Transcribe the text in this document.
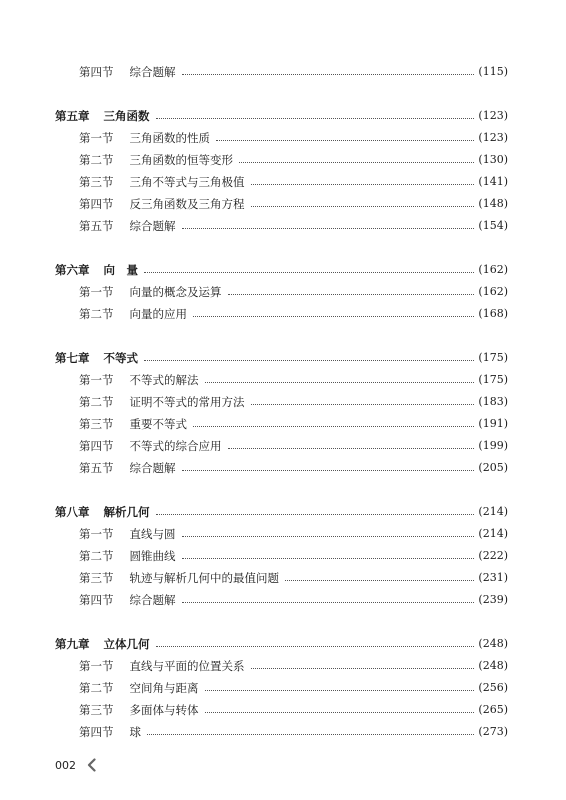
第四节 综合题解	(115)
第五章 三角函数	(123)
第一节 三角函数的性质	(123)
第二节 三角函数的恒等变形	(130)
第三节 三角不等式与三角极值	(141)
第四节 反三角函数及三角方程	(148)
第五节 综合题解	(154)
第六章 向　量	(162)
第一节 向量的概念及运算	(162)
第二节 向量的应用	(168)
第七章 不等式	(175)
第一节 不等式的解法	(175)
第二节 证明不等式的常用方法	(183)
第三节 重要不等式	(191)
第四节 不等式的综合应用	(199)
第五节 综合题解	(205)
第八章 解析几何	(214)
第一节 直线与圆	(214)
第二节 圆锥曲线	(222)
第三节 轨迹与解析几何中的最值问题	(231)
第四节 综合题解	(239)
第九章 立体几何	(248)
第一节 直线与平面的位置关系	(248)
第二节 空间角与距离	(256)
第三节 多面体与转体	(265)
第四节 球	(273)
002
